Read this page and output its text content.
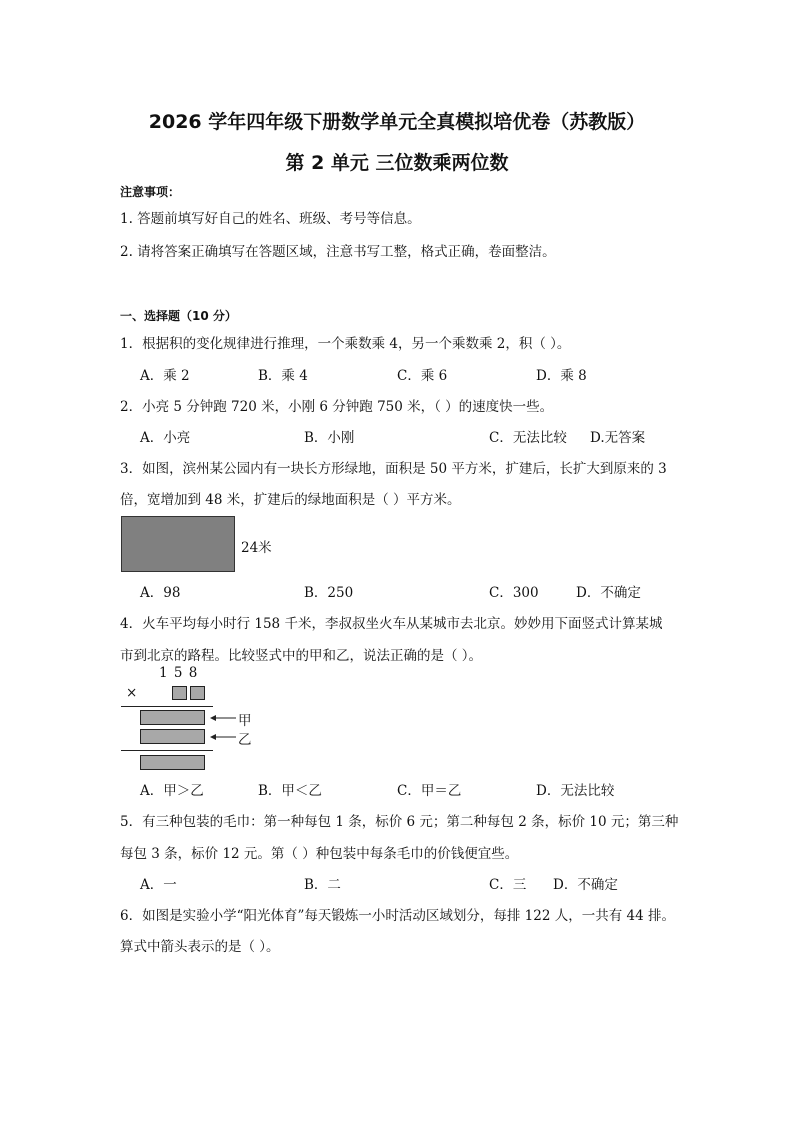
2026 学年四年级下册数学单元全真模拟培优卷（苏教版）
第 2 单元 三位数乘两位数
注意事项：
1. 答题前填写好自己的姓名、班级、考号等信息。
2. 请将答案正确填写在答题区域，注意书写工整，格式正确，卷面整洁。
一、选择题（10 分）
1．根据积的变化规律进行推理，一个乘数乘 4，另一个乘数乘 2，积（ ）。
A．乘 2	B．乘 4	C．乘 6	D．乘 8
2．小亮 5 分钟跑 720 米，小刚 6 分钟跑 750 米，（ ）的速度快一些。
A．小亮	B．小刚	C．无法比较 D.无答案
3．如图，滨州某公园内有一块长方形绿地，面积是 50 平方米，扩建后，长扩大到原来的 3
倍，宽增加到 48 米，扩建后的绿地面积是（ ）平方米。
24米
A．98	B．250	C．300	D．不确定
4．火车平均每小时行 158 千米，李叔叔坐火车从某城市去北京。妙妙用下面竖式计算某城
市到北京的路程。比较竖式中的甲和乙，说法正确的是（ ）。
1 5 8
×
甲
乙
A．甲＞乙	B．甲＜乙	C．甲＝乙	D．无法比较
5．有三种包装的毛巾：第一种每包 1 条，标价 6 元；第二种每包 2 条，标价 10 元；第三种
每包 3 条，标价 12 元。第（ ）种包装中每条毛巾的价钱便宜些。
A．一	B．二	C．三 D．不确定
6．如图是实验小学“阳光体育”每天锻炼一小时活动区域划分，每排 122 人，一共有 44 排。
算式中箭头表示的是（ ）。
